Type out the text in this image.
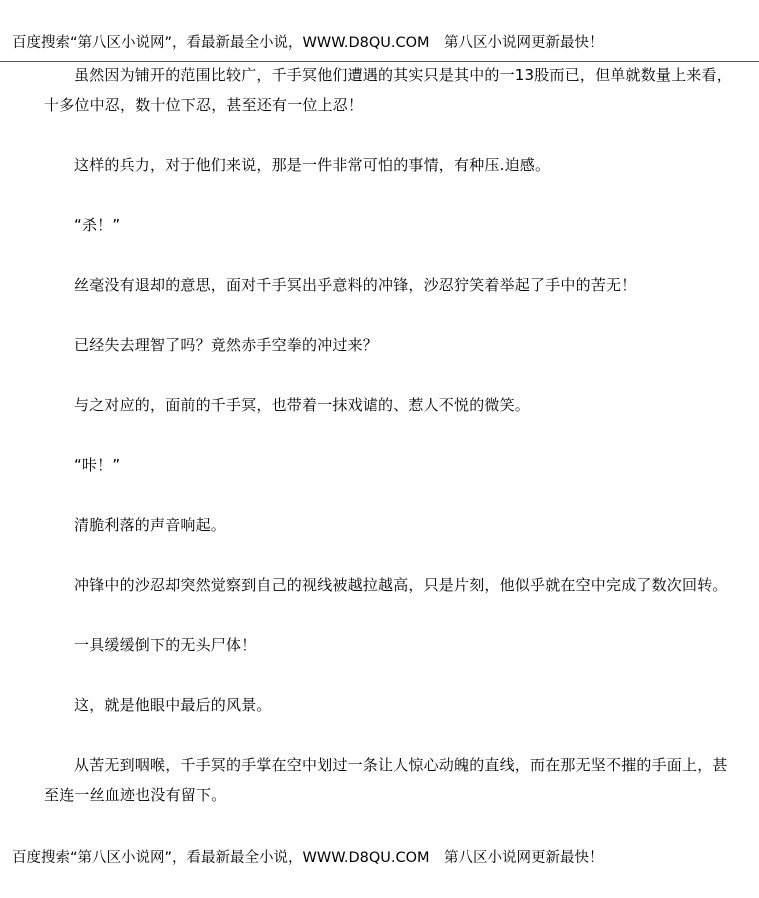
百度搜索“第八区小说网”，看最新最全小说，WWW.D8QU.COM　第八区小说网更新最快！

虽然因为铺开的范围比较广，千手冥他们遭遇的其实只是其中的一13股而已，但单就数量上来看，十多位中忍，数十位下忍，甚至还有一位上忍！

这样的兵力，对于他们来说，那是一件非常可怕的事情，有种压.迫感。

“杀！”

丝毫没有退却的意思，面对千手冥出乎意料的冲锋，沙忍狞笑着举起了手中的苦无！

已经失去理智了吗？竟然赤手空拳的冲过来？

与之对应的，面前的千手冥，也带着一抹戏谑的、惹人不悦的微笑。

“咔！”

清脆利落的声音响起。

冲锋中的沙忍却突然觉察到自己的视线被越拉越高，只是片刻，他似乎就在空中完成了数次回转。

一具缓缓倒下的无头尸体！

这，就是他眼中最后的风景。

从苦无到咽喉，千手冥的手掌在空中划过一条让人惊心动魄的直线，而在那无坚不摧的手面上，甚至连一丝血迹也没有留下。

百度搜索“第八区小说网”，看最新最全小说，WWW.D8QU.COM　第八区小说网更新最快！
